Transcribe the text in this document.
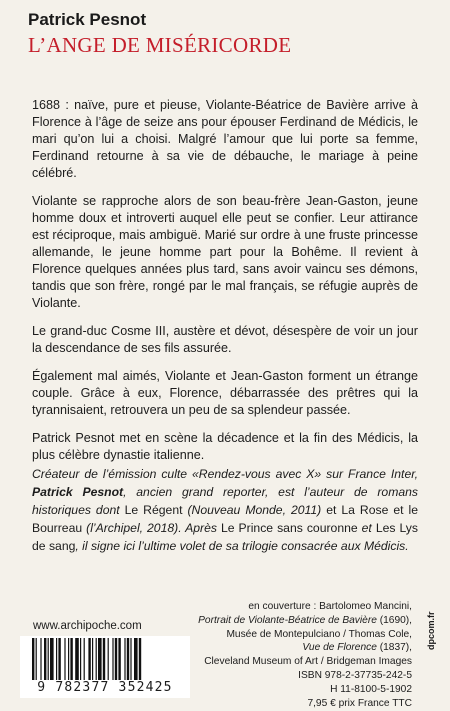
Patrick Pesnot
L’ANGE DE MISÉRICORDE

1688 : naïve, pure et pieuse, Violante-Béatrice de Bavière arrive à Florence à l’âge de seize ans pour épouser Ferdinand de Médicis, le mari qu’on lui a choisi. Malgré l’amour que lui porte sa femme, Ferdinand retourne à sa vie de débauche, le mariage à peine célébré.

Violante se rapproche alors de son beau-frère Jean-Gaston, jeune homme doux et introverti auquel elle peut se confier. Leur attirance est réciproque, mais ambiguë. Marié sur ordre à une fruste princesse allemande, le jeune homme part pour la Bohême. Il revient à Florence quelques années plus tard, sans avoir vaincu ses démons, tandis que son frère, rongé par le mal français, se réfugie auprès de Violante.

Le grand-duc Cosme III, austère et dévot, désespère de voir un jour la descendance de ses fils assurée.

Également mal aimés, Violante et Jean-Gaston forment un étrange couple. Grâce à eux, Florence, débarrassée des prêtres qui la tyrannisaient, retrouvera un peu de sa splendeur passée.

Patrick Pesnot met en scène la décadence et la fin des Médicis, la plus célèbre dynastie italienne.

Créateur de l’émission culte «Rendez-vous avec X» sur France Inter, Patrick Pesnot, ancien grand reporter, est l’auteur de romans historiques dont Le Régent (Nouveau Monde, 2011) et La Rose et le Bourreau (l’Archipel, 2018). Après Le Prince sans couronne et Les Lys de sang, il signe ici l’ultime volet de sa trilogie consacrée aux Médicis.
www.archipoche.com
en couverture : Bartolomeo Mancini,
Portrait de Violante-Béatrice de Bavière (1690),
Musée de Montepulciano / Thomas Cole,
Vue de Florence (1837),
Cleveland Museum of Art / Bridgeman Images
ISBN 978-2-37735-242-5
H 11-8100-5-1902
7,95 € prix France TTC
9 782377 352425
dpcom.fr
